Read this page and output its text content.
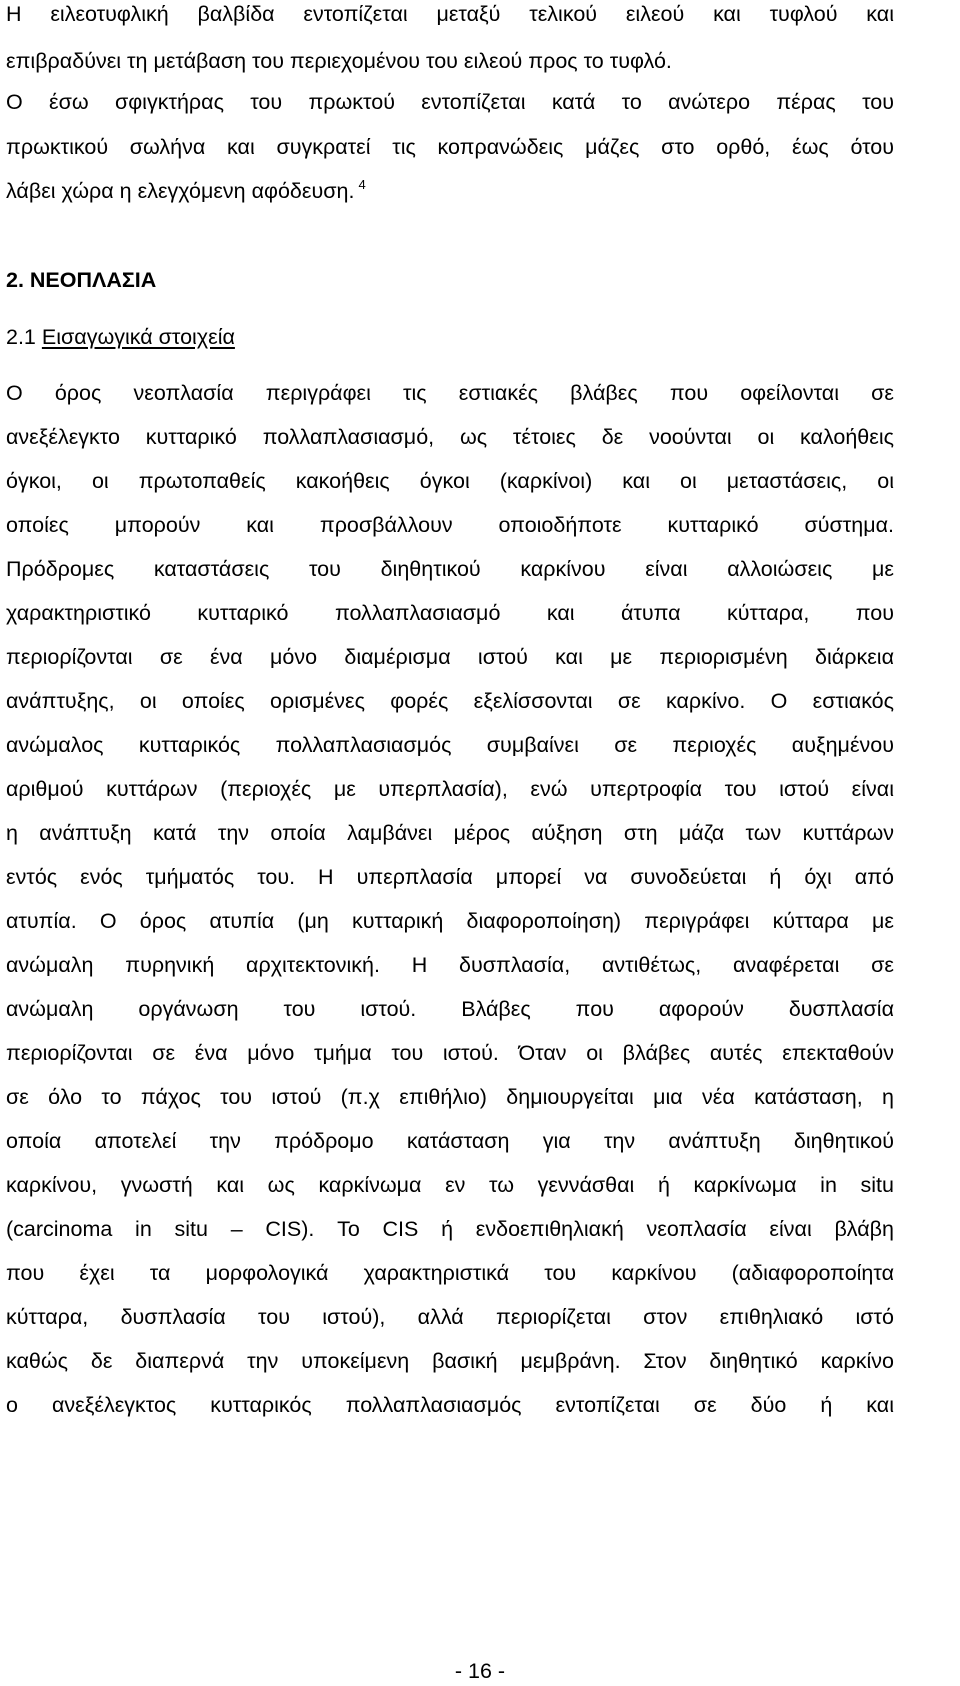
Η ειλεοτυφλική βαλβίδα εντοπίζεται μεταξύ τελικού ειλεού και τυφλού και
επιβραδύνει τη μετάβαση του περιεχομένου του ειλεού προς το τυφλό.
Ο έσω σφιγκτήρας του πρωκτού εντοπίζεται κατά το ανώτερο πέρας του
πρωκτικού σωλήνα και συγκρατεί τις κοπρανώδεις μάζες στο ορθό, έως ότου
λάβει χώρα η ελεγχόμενη αφόδευση. $^4$
2. ΝΕΟΠΛΑΣΙΑ
2.1 Εισαγωγικά στοιχεία
Ο όρος νεοπλασία περιγράφει τις εστιακές βλάβες που οφείλονται σε
ανεξέλεγκτο κυτταρικό πολλαπλασιασμό, ως τέτοιες δε νοούνται οι καλοήθεις
όγκοι, οι πρωτοπαθείς κακοήθεις όγκοι (καρκίνοι) και οι μεταστάσεις, οι
οποίες μπορούν και προσβάλλουν οποιοδήποτε κυτταρικό σύστημα.
Πρόδρομες καταστάσεις του διηθητικού καρκίνου είναι αλλοιώσεις με
χαρακτηριστικό κυτταρικό πολλαπλασιασμό και άτυπα κύτταρα, που
περιορίζονται σε ένα μόνο διαμέρισμα ιστού και με περιορισμένη διάρκεια
ανάπτυξης, οι οποίες ορισμένες φορές εξελίσσονται σε καρκίνο. Ο εστιακός
ανώμαλος κυτταρικός πολλαπλασιασμός συμβαίνει σε περιοχές αυξημένου
αριθμού κυττάρων (περιοχές με υπερπλασία), ενώ υπερτροφία του ιστού είναι
η ανάπτυξη κατά την οποία λαμβάνει μέρος αύξηση στη μάζα των κυττάρων
εντός ενός τμήματός του. Η υπερπλασία μπορεί να συνοδεύεται ή όχι από
ατυπία. Ο όρος ατυπία (μη κυτταρική διαφοροποίηση) περιγράφει κύτταρα με
ανώμαλη πυρηνική αρχιτεκτονική. Η δυσπλασία, αντιθέτως, αναφέρεται σε
ανώμαλη οργάνωση του ιστού. Βλάβες που αφορούν δυσπλασία
περιορίζονται σε ένα μόνο τμήμα του ιστού. Όταν οι βλάβες αυτές επεκταθούν
σε όλο το πάχος του ιστού (π.χ επιθήλιο) δημιουργείται μια νέα κατάσταση, η
οποία αποτελεί την πρόδρομο κατάσταση για την ανάπτυξη διηθητικού
καρκίνου, γνωστή και ως καρκίνωμα εν τω γεννάσθαι ή καρκίνωμα in situ
(carcinoma in situ – CIS). Το CIS ή ενδοεπιθηλιακή νεοπλασία είναι βλάβη
που έχει τα μορφολογικά χαρακτηριστικά του καρκίνου (αδιαφοροποίητα
κύτταρα, δυσπλασία του ιστού), αλλά περιορίζεται στον επιθηλιακό ιστό
καθώς δε διαπερνά την υποκείμενη βασική μεμβράνη. Στον διηθητικό καρκίνο
ο ανεξέλεγκτος κυτταρικός πολλαπλασιασμός εντοπίζεται σε δύο ή και
- 16 -
